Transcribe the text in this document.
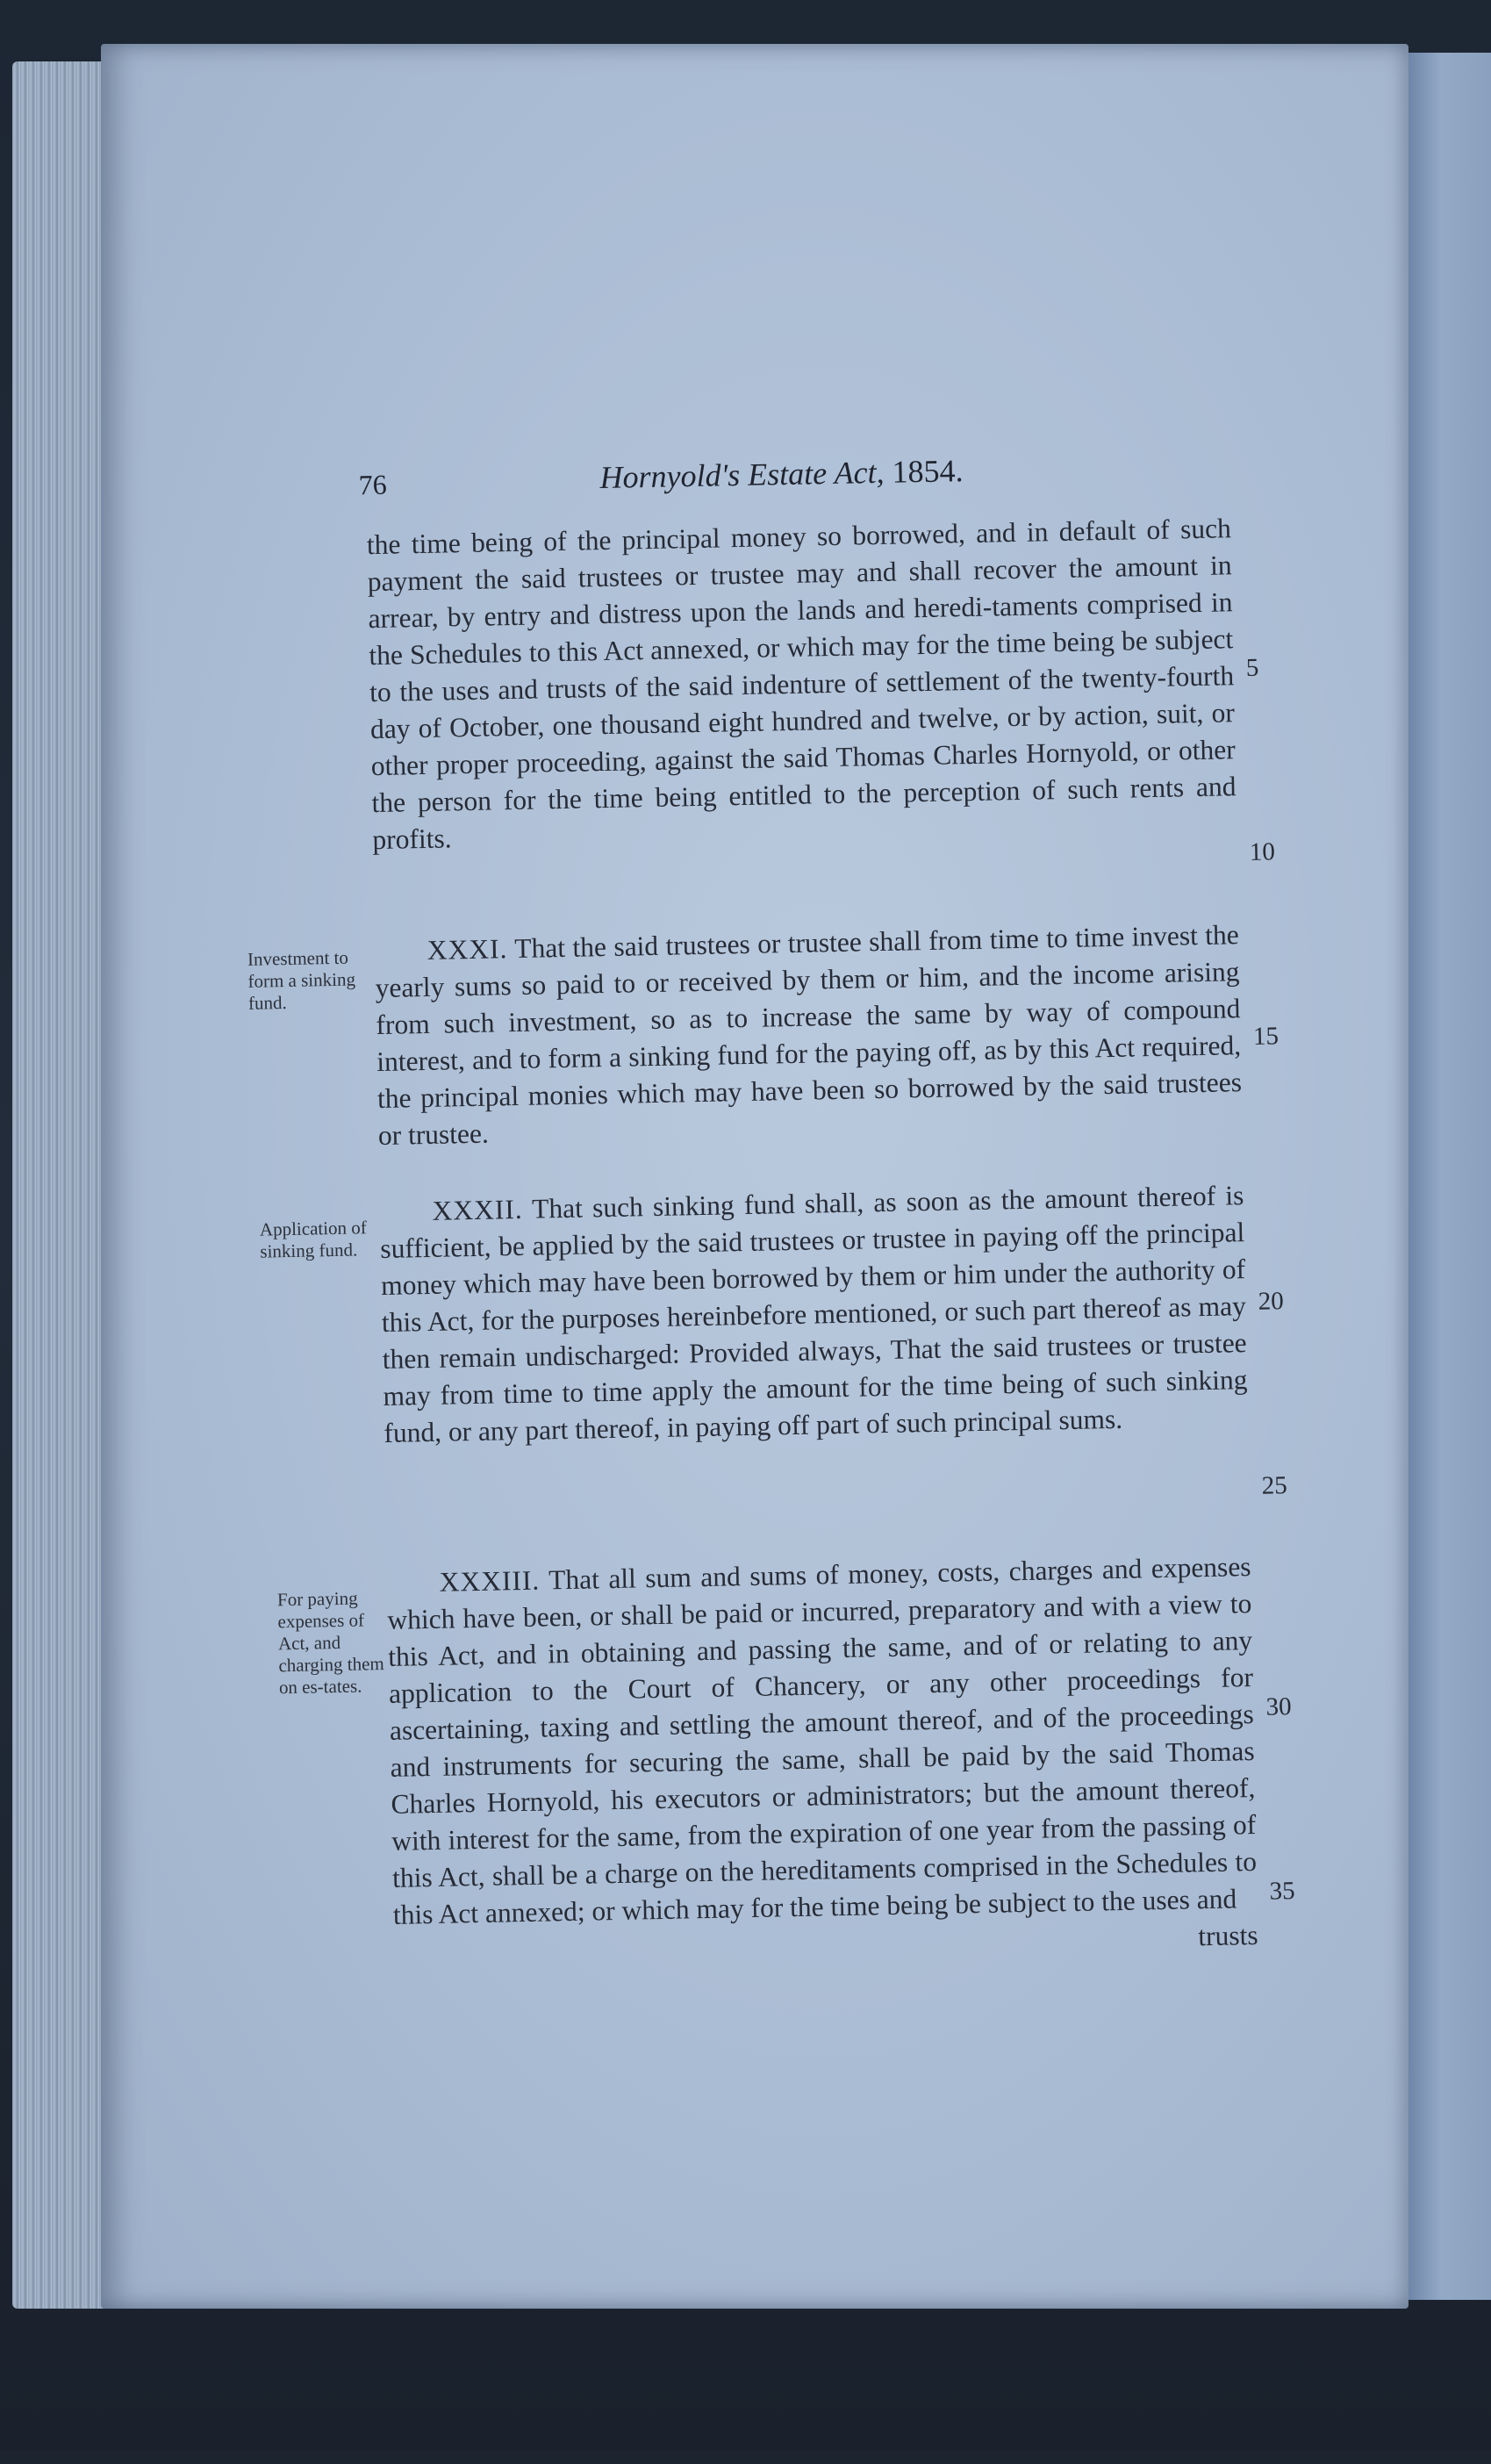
76	Hornyold's Estate Act, 1854.

the time being of the principal money so borrowed, and in default of such payment the said trustees or trustee may and shall recover the amount in arrear, by entry and distress upon the lands and heredi-taments comprised in the Schedules to this Act annexed, or which may for the time being be subject to the uses and trusts of the said indenture of settlement of the twenty-fourth day of October, one thousand eight hundred and twelve, or by action, suit, or other proper proceeding, against the said Thomas Charles Hornyold, or other the person for the time being entitled to the perception of such rents and profits.

XXXI. That the said trustees or trustee shall from time to time invest the yearly sums so paid to or received by them or him, and the income arising from such investment, so as to increase the same by way of compound interest, and to form a sinking fund for the paying off, as by this Act required, the principal monies which may have been so borrowed by the said trustees or trustee.

XXXII. That such sinking fund shall, as soon as the amount thereof is sufficient, be applied by the said trustees or trustee in paying off the principal money which may have been borrowed by them or him under the authority of this Act, for the purposes hereinbefore mentioned, or such part thereof as may then remain undischarged: Provided always, That the said trustees or trustee may from time to time apply the amount for the time being of such sinking fund, or any part thereof, in paying off part of such principal sums.

XXXIII. That all sum and sums of money, costs, charges and expenses which have been, or shall be paid or incurred, preparatory and with a view to this Act, and in obtaining and passing the same, and of or relating to any application to the Court of Chancery, or any other proceedings for ascertaining, taxing and settling the amount thereof, and of the proceedings and instruments for securing the same, shall be paid by the said Thomas Charles Hornyold, his executors or administrators; but the amount thereof, with interest for the same, from the expiration of one year from the passing of this Act, shall be a charge on the hereditaments comprised in the Schedules to this Act annexed; or which may for the time being be subject to the uses and

trusts
Investment to form a sinking fund.
Application of sinking fund.
For paying expenses of Act, and charging them on es-tates.
5
10
15
20
25
30
35
